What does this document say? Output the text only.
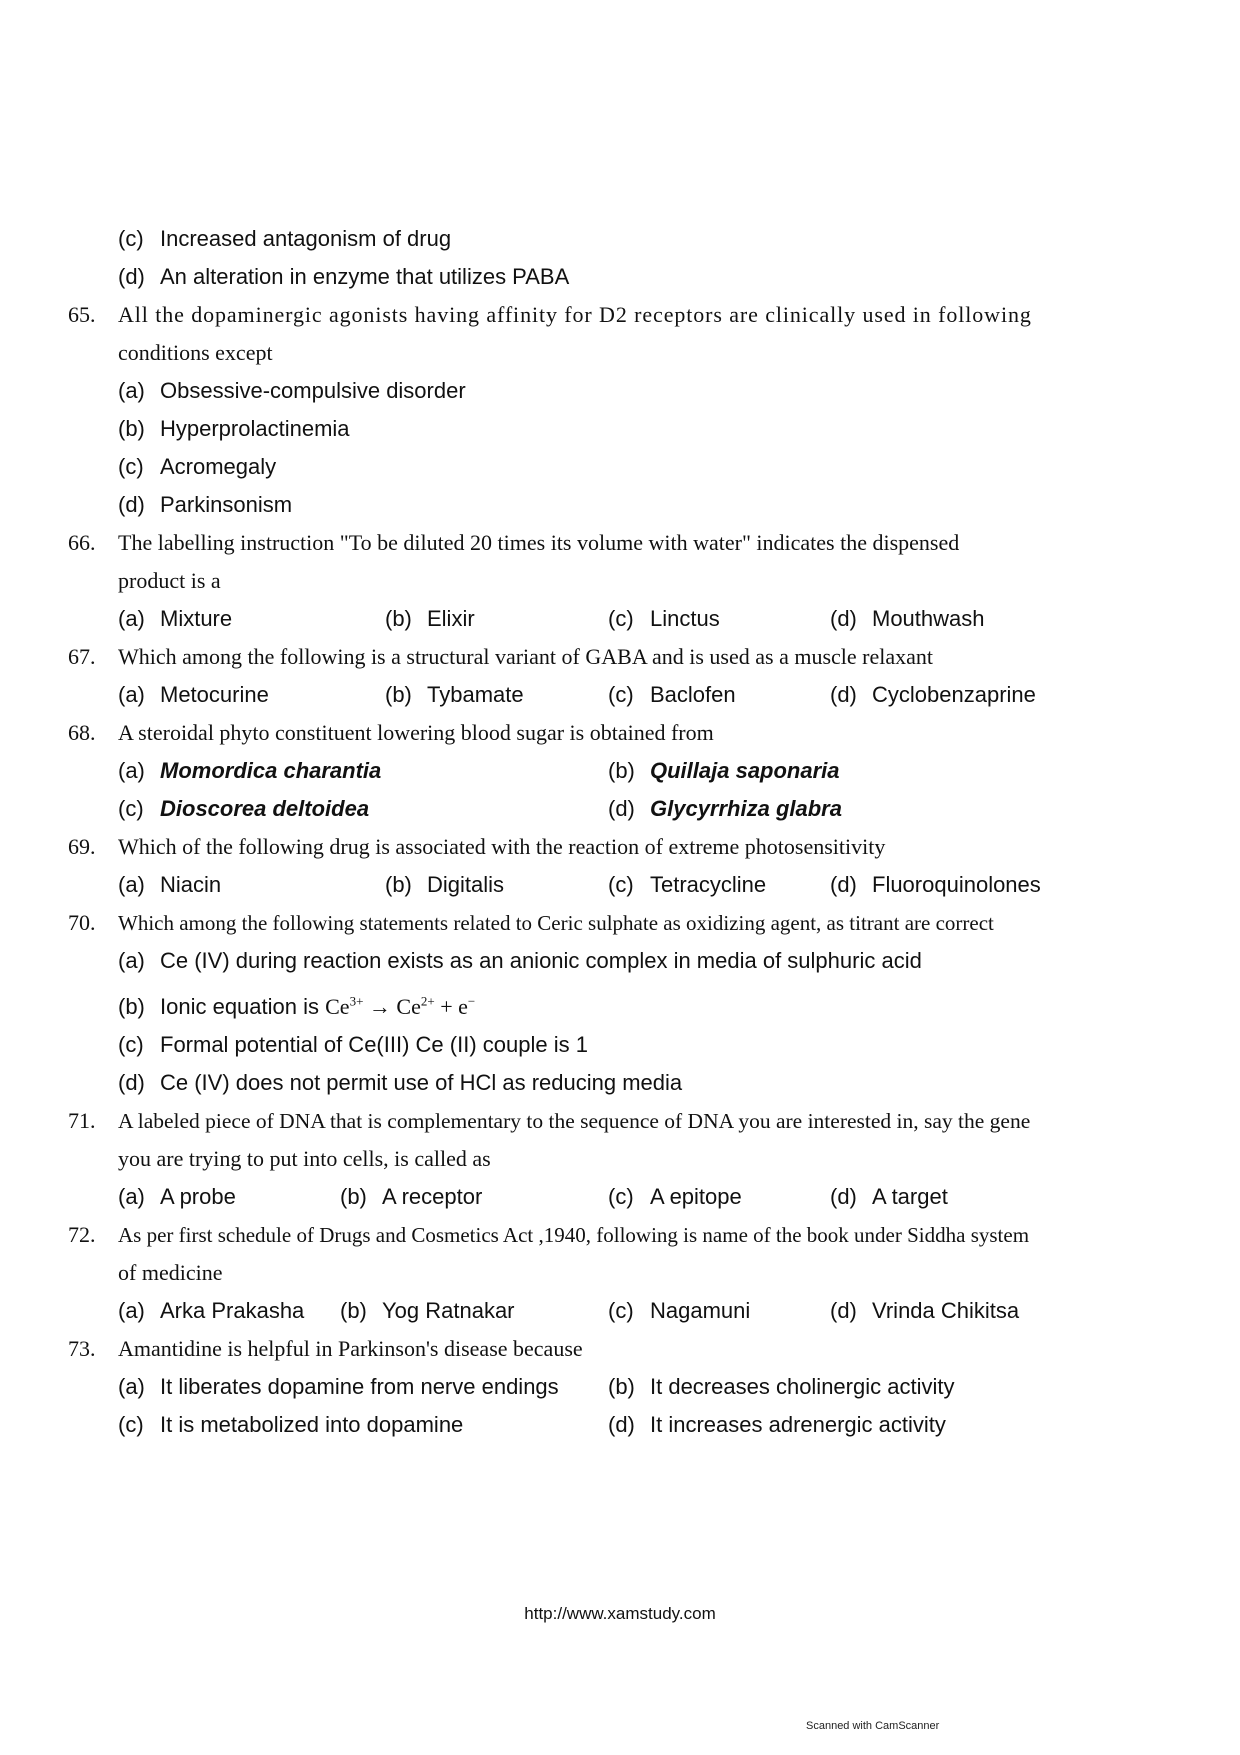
(c) Increased antagonism of drug
(d) An alteration in enzyme that utilizes PABA
65.	All the dopaminergic agonists having affinity for D2 receptors are clinically used in following
conditions except
(a) Obsessive-compulsive disorder
(b) Hyperprolactinemia
(c) Acromegaly
(d) Parkinsonism
66.	The labelling instruction "To be diluted 20 times its volume with water" indicates the dispensed
product is a
(a) Mixture	(b) Elixir	(c) Linctus	(d) Mouthwash
67.	Which among the following is a structural variant of GABA and is used as a muscle relaxant
(a) Metocurine	(b) Tybamate	(c) Baclofen	(d) Cyclobenzaprine
68.	A steroidal phyto constituent lowering blood sugar is obtained from
(a) Momordica charantia	(b) Quillaja saponaria
(c) Dioscorea deltoidea	(d) Glycyrrhiza glabra
69.	Which of the following drug is associated with the reaction of extreme photosensitivity
(a) Niacin	(b) Digitalis	(c) Tetracycline	(d) Fluoroquinolones
70.	Which among the following statements related to Ceric sulphate as oxidizing agent, as titrant are correct
(a) Ce (IV) during reaction exists as an anionic complex in media of sulphuric acid
(b) Ionic equation is $Ce^{3+} \to Ce^{2+} + e^-$
(c) Formal potential of Ce(III) Ce (II) couple is 1
(d) Ce (IV) does not permit use of HCl as reducing media
71.	A labeled piece of DNA that is complementary to the sequence of DNA you are interested in, say the gene
you are trying to put into cells, is called as
(a) A probe	(b) A receptor	(c) A epitope	(d) A target
72.	As per first schedule of Drugs and Cosmetics Act ,1940, following is name of the book under Siddha system
of medicine
(a) Arka Prakasha (b) Yog Ratnakar	(c) Nagamuni	(d) Vrinda Chikitsa
73.	Amantidine is helpful in Parkinson's disease because
(a) It liberates dopamine from nerve endings (b) It decreases cholinergic activity
(c) It is metabolized into dopamine	(d) It increases adrenergic activity
http://www.xamstudy.com
Scanned with CamScanner
